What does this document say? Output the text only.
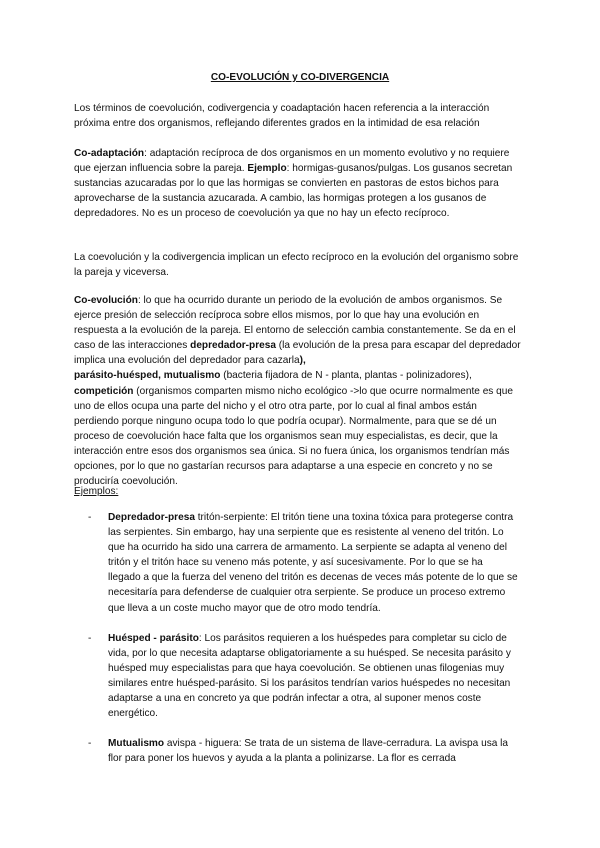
CO-EVOLUCIÓN y CO-DIVERGENCIA

Los términos de coevolución, codivergencia y coadaptación hacen referencia a la interacción próxima entre dos organismos, reflejando diferentes grados en la intimidad de esa relación

Co-adaptación: adaptación recíproca de dos organismos en un momento evolutivo y no requiere que ejerzan influencia sobre la pareja. Ejemplo: hormigas-gusanos/pulgas. Los gusanos secretan sustancias azucaradas por lo que las hormigas se convierten en pastoras de estos bichos para aprovecharse de la sustancia azucarada. A cambio, las hormigas protegen a los gusanos de depredadores. No es un proceso de coevolución ya que no hay un efecto recíproco.

La coevolución y la codivergencia implican un efecto recíproco en la evolución del organismo sobre la pareja y viceversa.

Co-evolución: lo que ha ocurrido durante un periodo de la evolución de ambos organismos. Se ejerce presión de selección recíproca sobre ellos mismos, por lo que hay una evolución en respuesta a la evolución de la pareja. El entorno de selección cambia constantemente. Se da en el caso de las interacciones depredador-presa (la evolución de la presa para escapar del depredador implica una evolución del depredador para cazarla),
parásito-huésped, mutualismo (bacteria fijadora de N - planta, plantas - polinizadores), competición (organismos comparten mismo nicho ecológico ->lo que ocurre normalmente es que uno de ellos ocupa una parte del nicho y el otro otra parte, por lo cual al final ambos están perdiendo porque ninguno ocupa todo lo que podría ocupar). Normalmente, para que se dé un proceso de coevolución hace falta que los organismos sean muy especialistas, es decir, que la interacción entre esos dos organismos sea única. Si no fuera única, los organismos tendrían más opciones, por lo que no gastarían recursos para adaptarse a una especie en concreto y no se produciría coevolución.

Ejemplos:
- Depredador-presa tritón-serpiente: El tritón tiene una toxina tóxica para protegerse contra las serpientes. Sin embargo, hay una serpiente que es resistente al veneno del tritón. Lo que ha ocurrido ha sido una carrera de armamento. La serpiente se adapta al veneno del tritón y el tritón hace su veneno más potente, y así sucesivamente. Por lo que se ha llegado a que la fuerza del veneno del tritón es decenas de veces más potente de lo que se necesitaría para defenderse de cualquier otra serpiente. Se produce un proceso extremo que lleva a un coste mucho mayor que de otro modo tendría.
- Huésped - parásito: Los parásitos requieren a los huéspedes para completar su ciclo de vida, por lo que necesita adaptarse obligatoriamente a su huésped. Se necesita parásito y huésped muy especialistas para que haya coevolución. Se obtienen unas filogenias muy similares entre huésped-parásito. Si los parásitos tendrían varios huéspedes no necesitan adaptarse a una en concreto ya que podrán infectar a otra, al suponer menos coste energético.
- Mutualismo avispa - higuera: Se trata de un sistema de llave-cerradura. La avispa usa la flor para poner los huevos y ayuda a la planta a polinizarse. La flor es cerrada
